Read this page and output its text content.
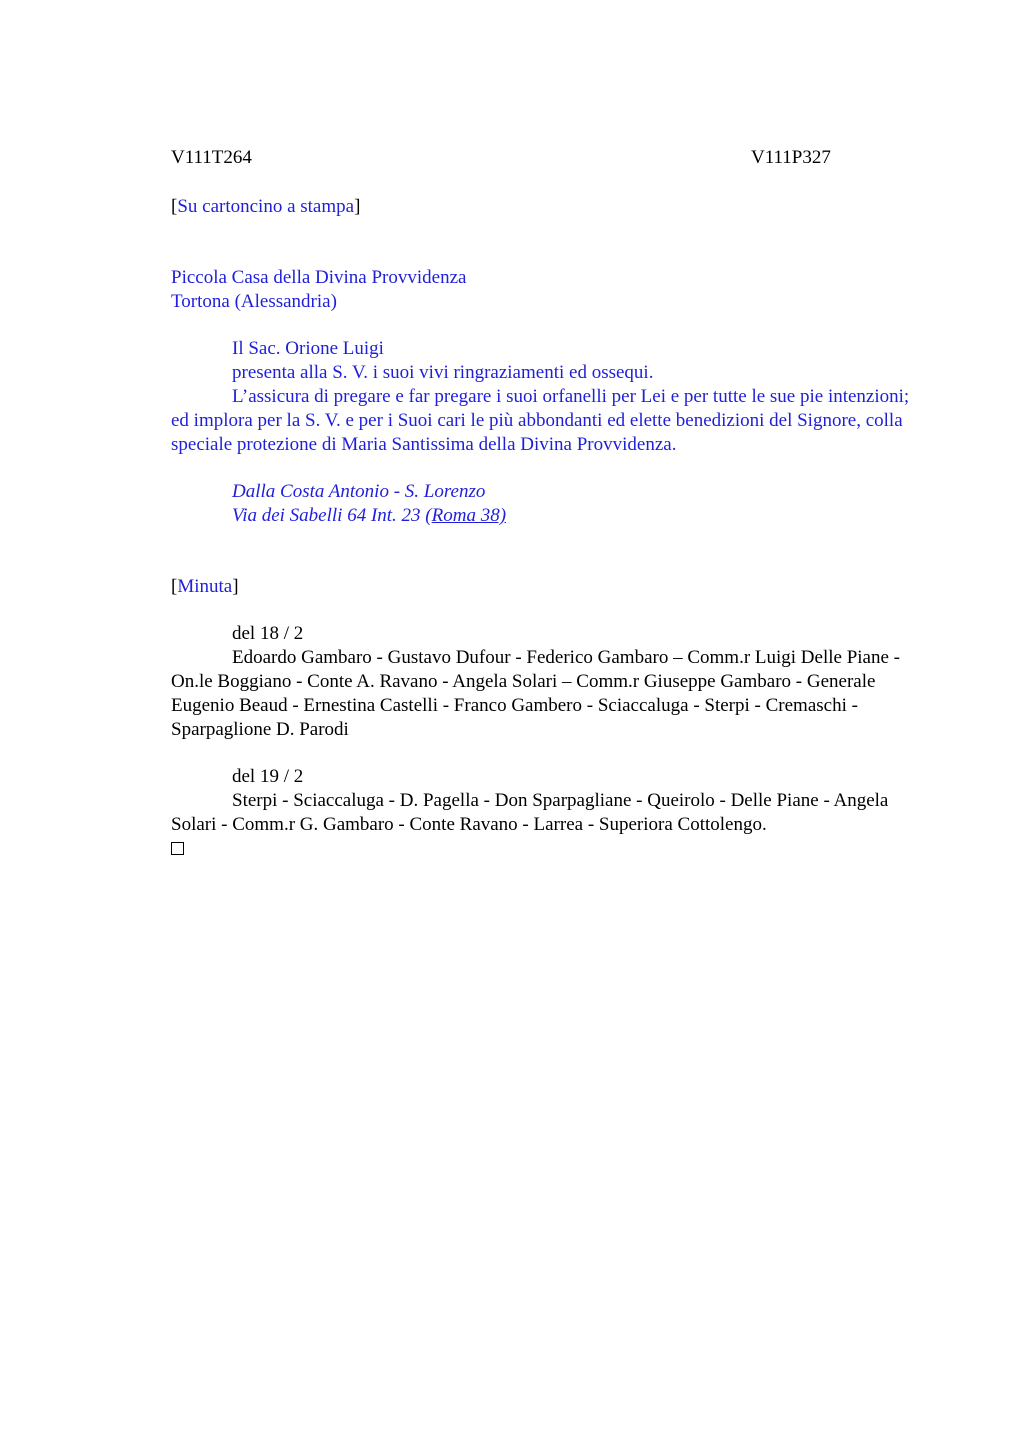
V111T264	V111P327
[Su cartoncino a stampa]
Piccola Casa della Divina Provvidenza
Tortona (Alessandria)
Il Sac. Orione Luigi
presenta alla S. V. i suoi vivi ringraziamenti ed ossequi.
L’assicura di pregare e far pregare i suoi orfanelli per Lei e per tutte le sue pie intenzioni; ed implora per la S. V. e per i Suoi cari le più abbondanti ed elette benedizioni del Signore, colla speciale protezione di Maria Santissima della Divina Provvidenza.
Dalla Costa Antonio - S. Lorenzo
Via dei Sabelli 64 Int. 23 (Roma 38)
[Minuta]
del 18 / 2
Edoardo Gambaro - Gustavo Dufour - Federico Gambaro – Comm.r Luigi Delle Piane - On.le Boggiano - Conte A. Ravano - Angela Solari – Comm.r Giuseppe Gambaro - Generale Eugenio Beaud - Ernestina Castelli - Franco Gambero - Sciaccaluga - Sterpi - Cremaschi - Sparpaglione D. Parodi
del 19 / 2
Sterpi - Sciaccaluga - D. Pagella - Don Sparpagliane - Queirolo - Delle Piane - Angela Solari - Comm.r G. Gambaro - Conte Ravano - Larrea - Superiora Cottolengo.
